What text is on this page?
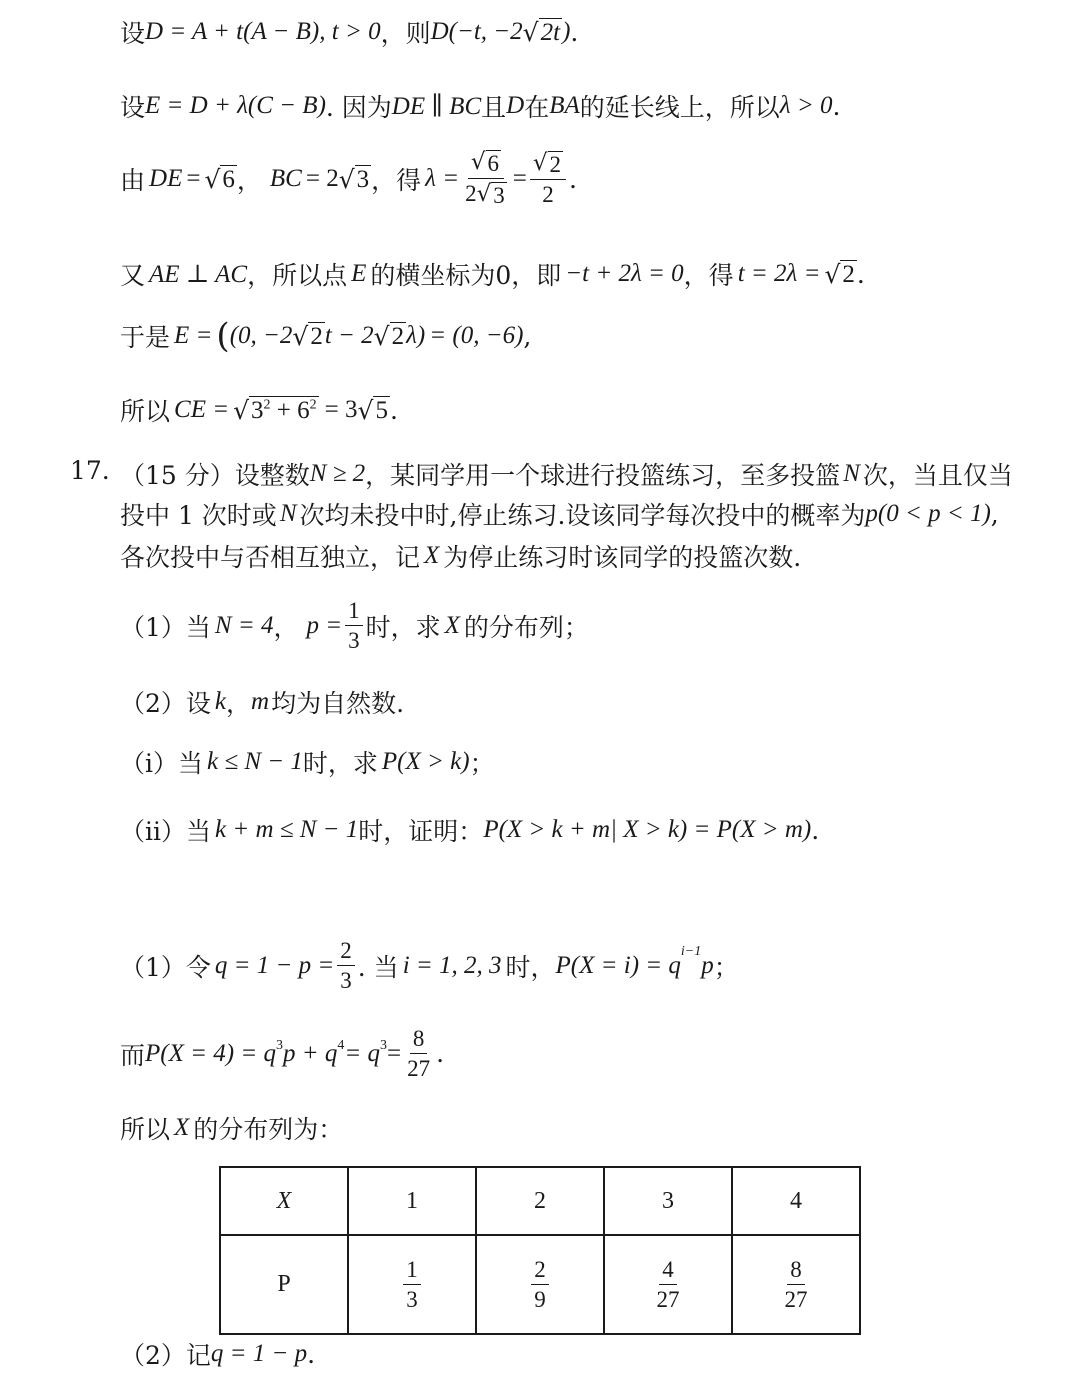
设 D = A + t (A − B) , t > 0 ，则 D (−t, −2 √ 2t ) .
设 E = D + λ (C − B) . 因为 DE ∥ BC 且 D 在 BA 的延长线上，所以 λ > 0 .
由 DE = √ 6 ， BC = 2 √ 3 ，得 $\lambda = \frac{√ 6}{2 √ 3} = \frac{√ 2}{2}$ .
又 AE ⊥ AC ，所以点 E 的横坐标为0，即 −t + 2λ = 0 ，得 t = 2λ = √ 2 .
于是 E = ( (0, −2 √ 2 t − 2 √ 2 λ) = (0, −6) ,
所以 CE = √ $3^2 + 6^2 = 3$ √ 5 .
17. （15 分）设整数 N ≥ 2 ，某同学用一个球进行投篮练习，至多投篮 N 次，当且仅当
投中 1 次时或 N 次均未投中时,停止练习.设该同学每次投中的概率为 p(0 < p < 1) ,
各次投中与否相互独立，记 X 为停止练习时该同学的投篮次数.
（1）当 N = 4 ， $p = \frac{1}{3}$ 时，求 X 的分布列；
（2）设 k ， m 均为自然数.
（i）当 k ≤ N − 1 时，求 P(X > k) ；
（ii）当 k + m ≤ N − 1 时，证明： P(X > k + m| X > k) = P(X > m) .
（1）令 $q = 1 - p = \frac{2}{3}$ . 当 i = 1, 2, 3 时， P(X = i) = q
$^{i-1}$
p ；
而 $P(X = 4) = q^3$ $p + q^4 = q^3 = \frac{8}{27}$ .
所以 X 的分布列为：
X	1	2	3	4
P	$\frac{1}{3}$	$\frac{2}{9}$	$\frac{4}{27}$	$\frac{8}{27}$
（2）记 q = 1 − p .
